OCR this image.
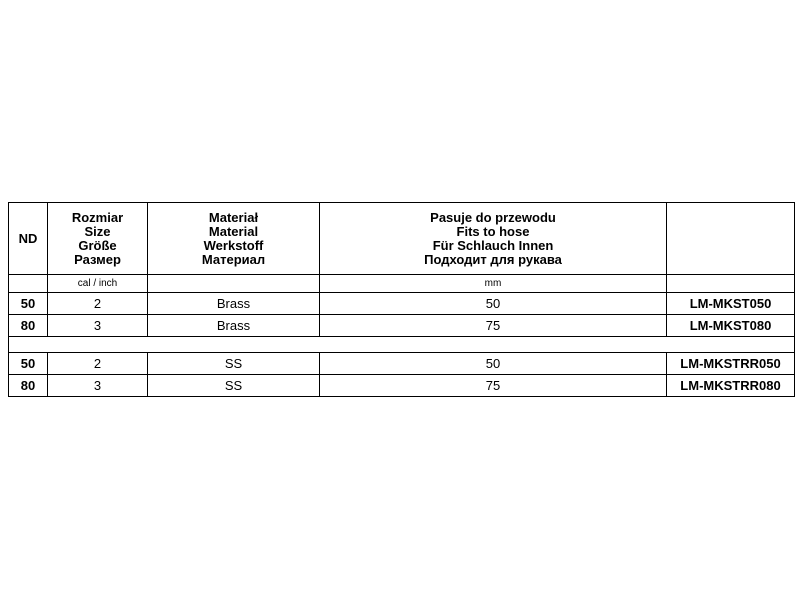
ND	Rozmiar
Size
Größe
Размер	Materiał
Material
Werkstoff
Материал	Pasuje do przewodu
Fits to hose
Für Schlauch Innen
Подходит для рукава	

	cal / inch		mm	
50	2	Brass	50	LM-MKST050
80	3	Brass	75	LM-MKST080

50	2	SS	50	LM-MKSTRR050
80	3	SS	75	LM-MKSTRR080
